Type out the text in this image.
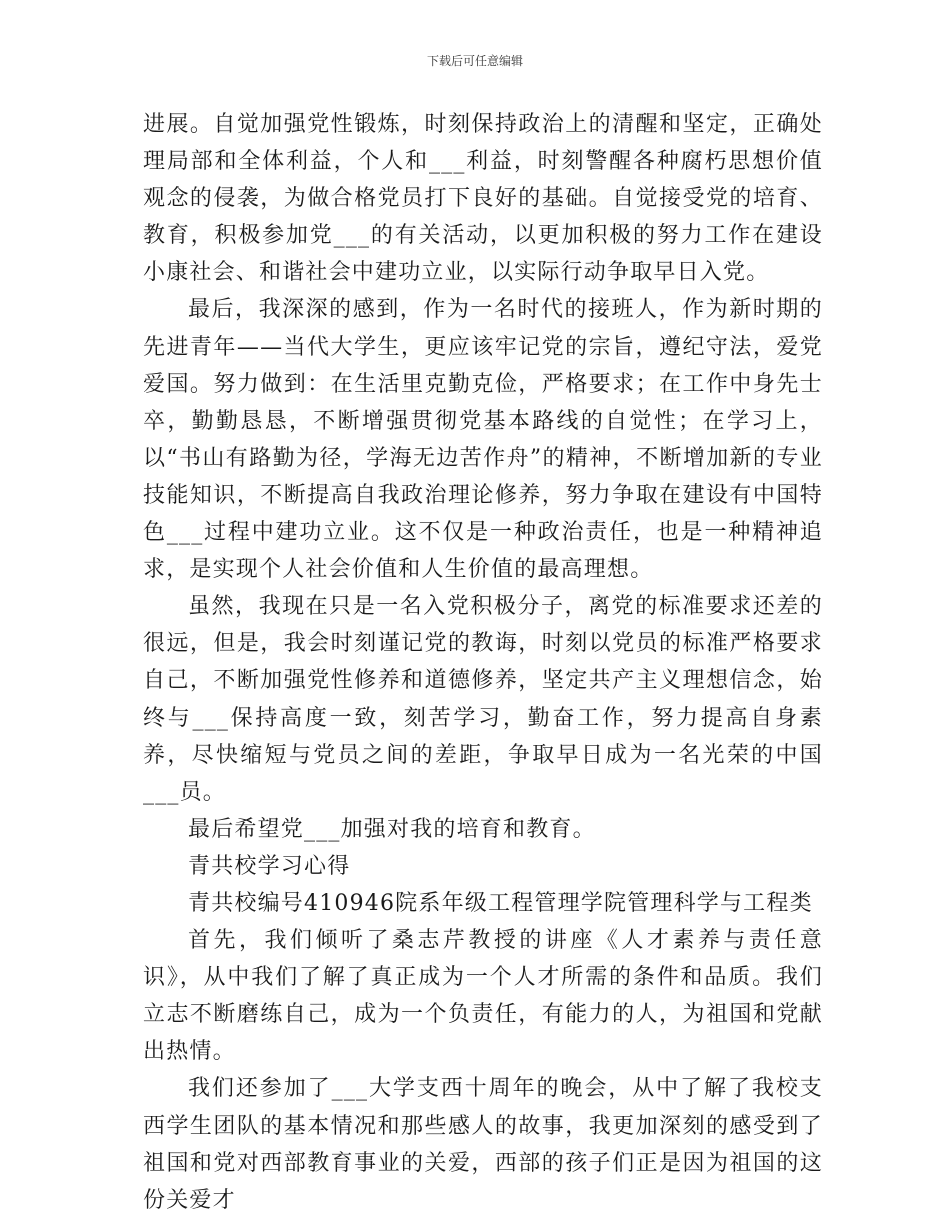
下载后可任意编辑

进展。自觉加强党性锻炼，时刻保持政治上的清醒和坚定，正确处理局部和全体利益，个人和___利益，时刻警醒各种腐朽思想价值观念的侵袭，为做合格党员打下良好的基础。自觉接受党的培育、教育，积极参加党___的有关活动，以更加积极的努力工作在建设小康社会、和谐社会中建功立业，以实际行动争取早日入党。

最后，我深深的感到，作为一名时代的接班人，作为新时期的先进青年——当代大学生，更应该牢记党的宗旨，遵纪守法，爱党爱国。努力做到：在生活里克勤克俭，严格要求；在工作中身先士卒，勤勤恳恳，不断增强贯彻党基本路线的自觉性；在学习上，以“书山有路勤为径，学海无边苦作舟”的精神，不断增加新的专业技能知识，不断提高自我政治理论修养，努力争取在建设有中国特色___过程中建功立业。这不仅是一种政治责任，也是一种精神追求，是实现个人社会价值和人生价值的最高理想。

虽然，我现在只是一名入党积极分子，离党的标准要求还差的很远，但是，我会时刻谨记党的教诲，时刻以党员的标准严格要求自己，不断加强党性修养和道德修养，坚定共产主义理想信念，始终与___保持高度一致，刻苦学习，勤奋工作，努力提高自身素养，尽快缩短与党员之间的差距，争取早日成为一名光荣的中国___员。

最后希望党___加强对我的培育和教育。

青共校学习心得

青共校编号410946院系年级工程管理学院管理科学与工程类

首先，我们倾听了桑志芹教授的讲座《人才素养与责任意识》，从中我们了解了真正成为一个人才所需的条件和品质。我们立志不断磨练自己，成为一个负责任，有能力的人，为祖国和党献出热情。

我们还参加了___大学支西十周年的晚会，从中了解了我校支西学生团队的基本情况和那些感人的故事，我更加深刻的感受到了祖国和党对西部教育事业的关爱，西部的孩子们正是因为祖国的这份关爱才
